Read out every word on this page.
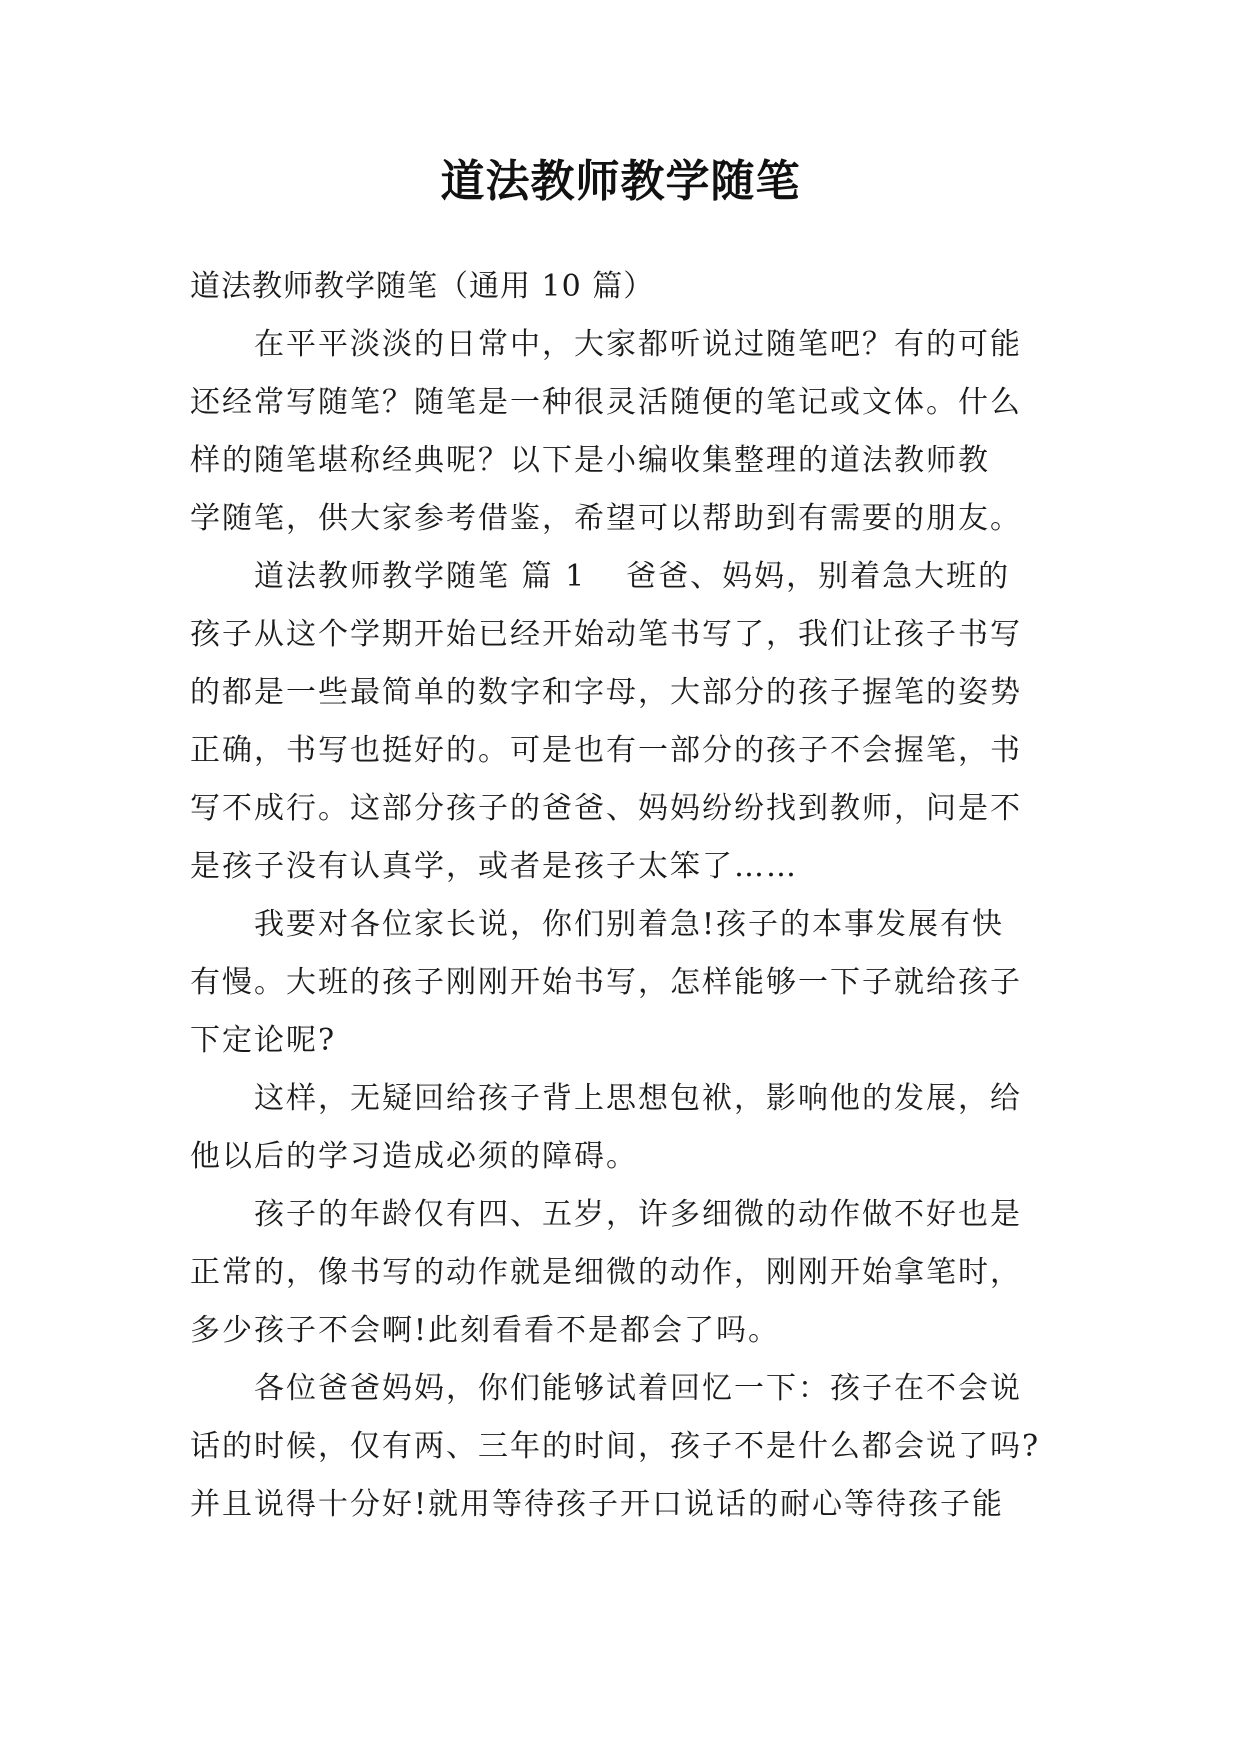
道法教师教学随笔
道法教师教学随笔（通用 10 篇）
在平平淡淡的日常中，大家都听说过随笔吧？有的可能
还经常写随笔？随笔是一种很灵活随便的笔记或文体。什么
样的随笔堪称经典呢？以下是小编收集整理的道法教师教
学随笔，供大家参考借鉴，希望可以帮助到有需要的朋友。
道法教师教学随笔 篇 1 爸爸、妈妈，别着急大班的
孩子从这个学期开始已经开始动笔书写了，我们让孩子书写
的都是一些最简单的数字和字母，大部分的孩子握笔的姿势
正确，书写也挺好的。可是也有一部分的孩子不会握笔，书
写不成行。这部分孩子的爸爸、妈妈纷纷找到教师，问是不
是孩子没有认真学，或者是孩子太笨了……
我要对各位家长说，你们别着急!孩子的本事发展有快
有慢。大班的孩子刚刚开始书写，怎样能够一下子就给孩子
下定论呢?
这样，无疑回给孩子背上思想包袱，影响他的发展，给
他以后的学习造成必须的障碍。
孩子的年龄仅有四、五岁，许多细微的动作做不好也是
正常的，像书写的动作就是细微的动作，刚刚开始拿笔时，
多少孩子不会啊!此刻看看不是都会了吗。
各位爸爸妈妈，你们能够试着回忆一下：孩子在不会说
话的时候，仅有两、三年的时间，孩子不是什么都会说了吗?
并且说得十分好!就用等待孩子开口说话的耐心等待孩子能
